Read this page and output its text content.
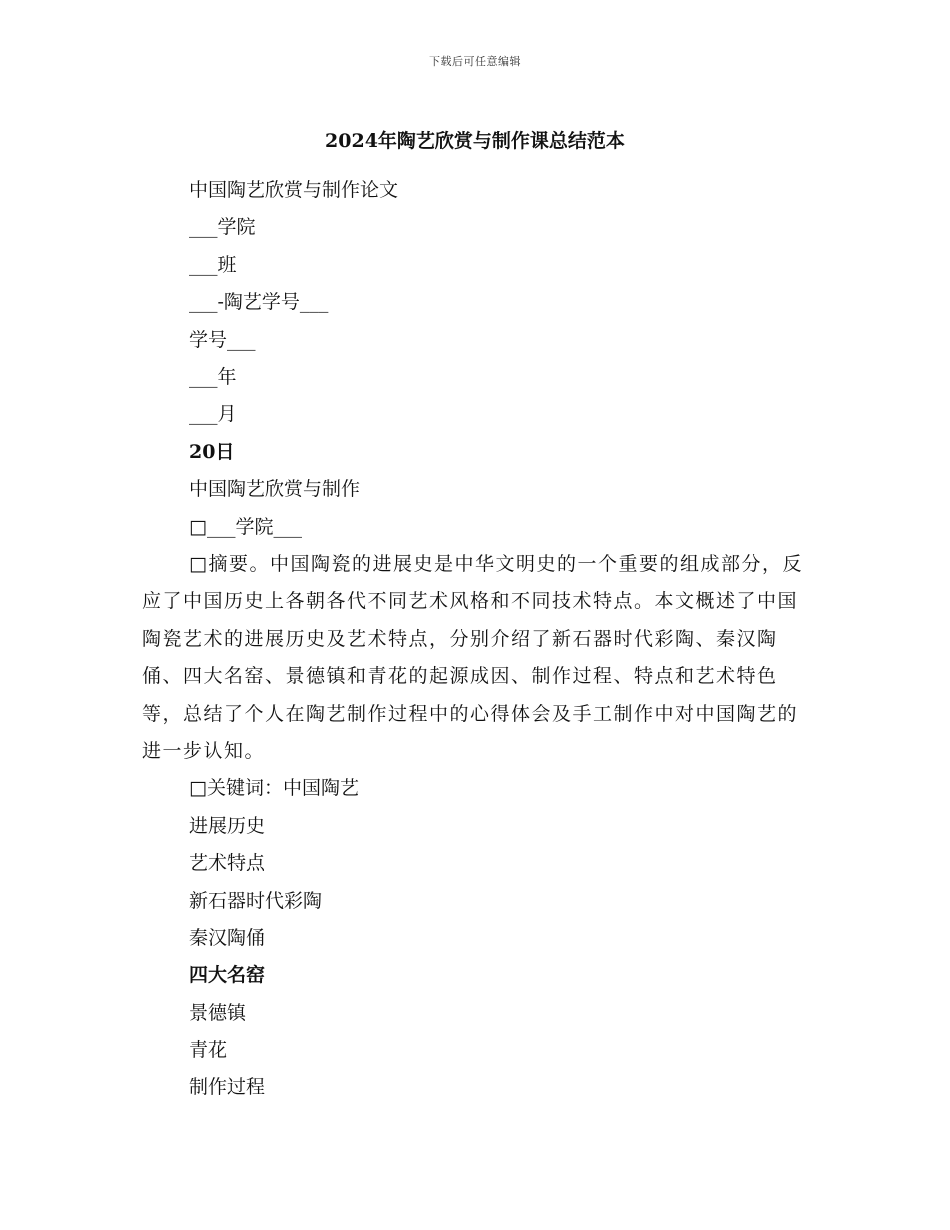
下载后可任意编辑
2024年陶艺欣赏与制作课总结范本
中国陶艺欣赏与制作论文
___学院
___班
___-陶艺学号___
学号___
___年
___月
20日
中国陶艺欣赏与制作
□___学院___
□摘要。中国陶瓷的进展史是中华文明史的一个重要的组成部分，反应了中国历史上各朝各代不同艺术风格和不同技术特点。本文概述了中国陶瓷艺术的进展历史及艺术特点，分别介绍了新石器时代彩陶、秦汉陶俑、四大名窑、景德镇和青花的起源成因、制作过程、特点和艺术特色等，总结了个人在陶艺制作过程中的心得体会及手工制作中对中国陶艺的进一步认知。
□关键词：中国陶艺
进展历史
艺术特点
新石器时代彩陶
秦汉陶俑
四大名窑
景德镇
青花
制作过程
